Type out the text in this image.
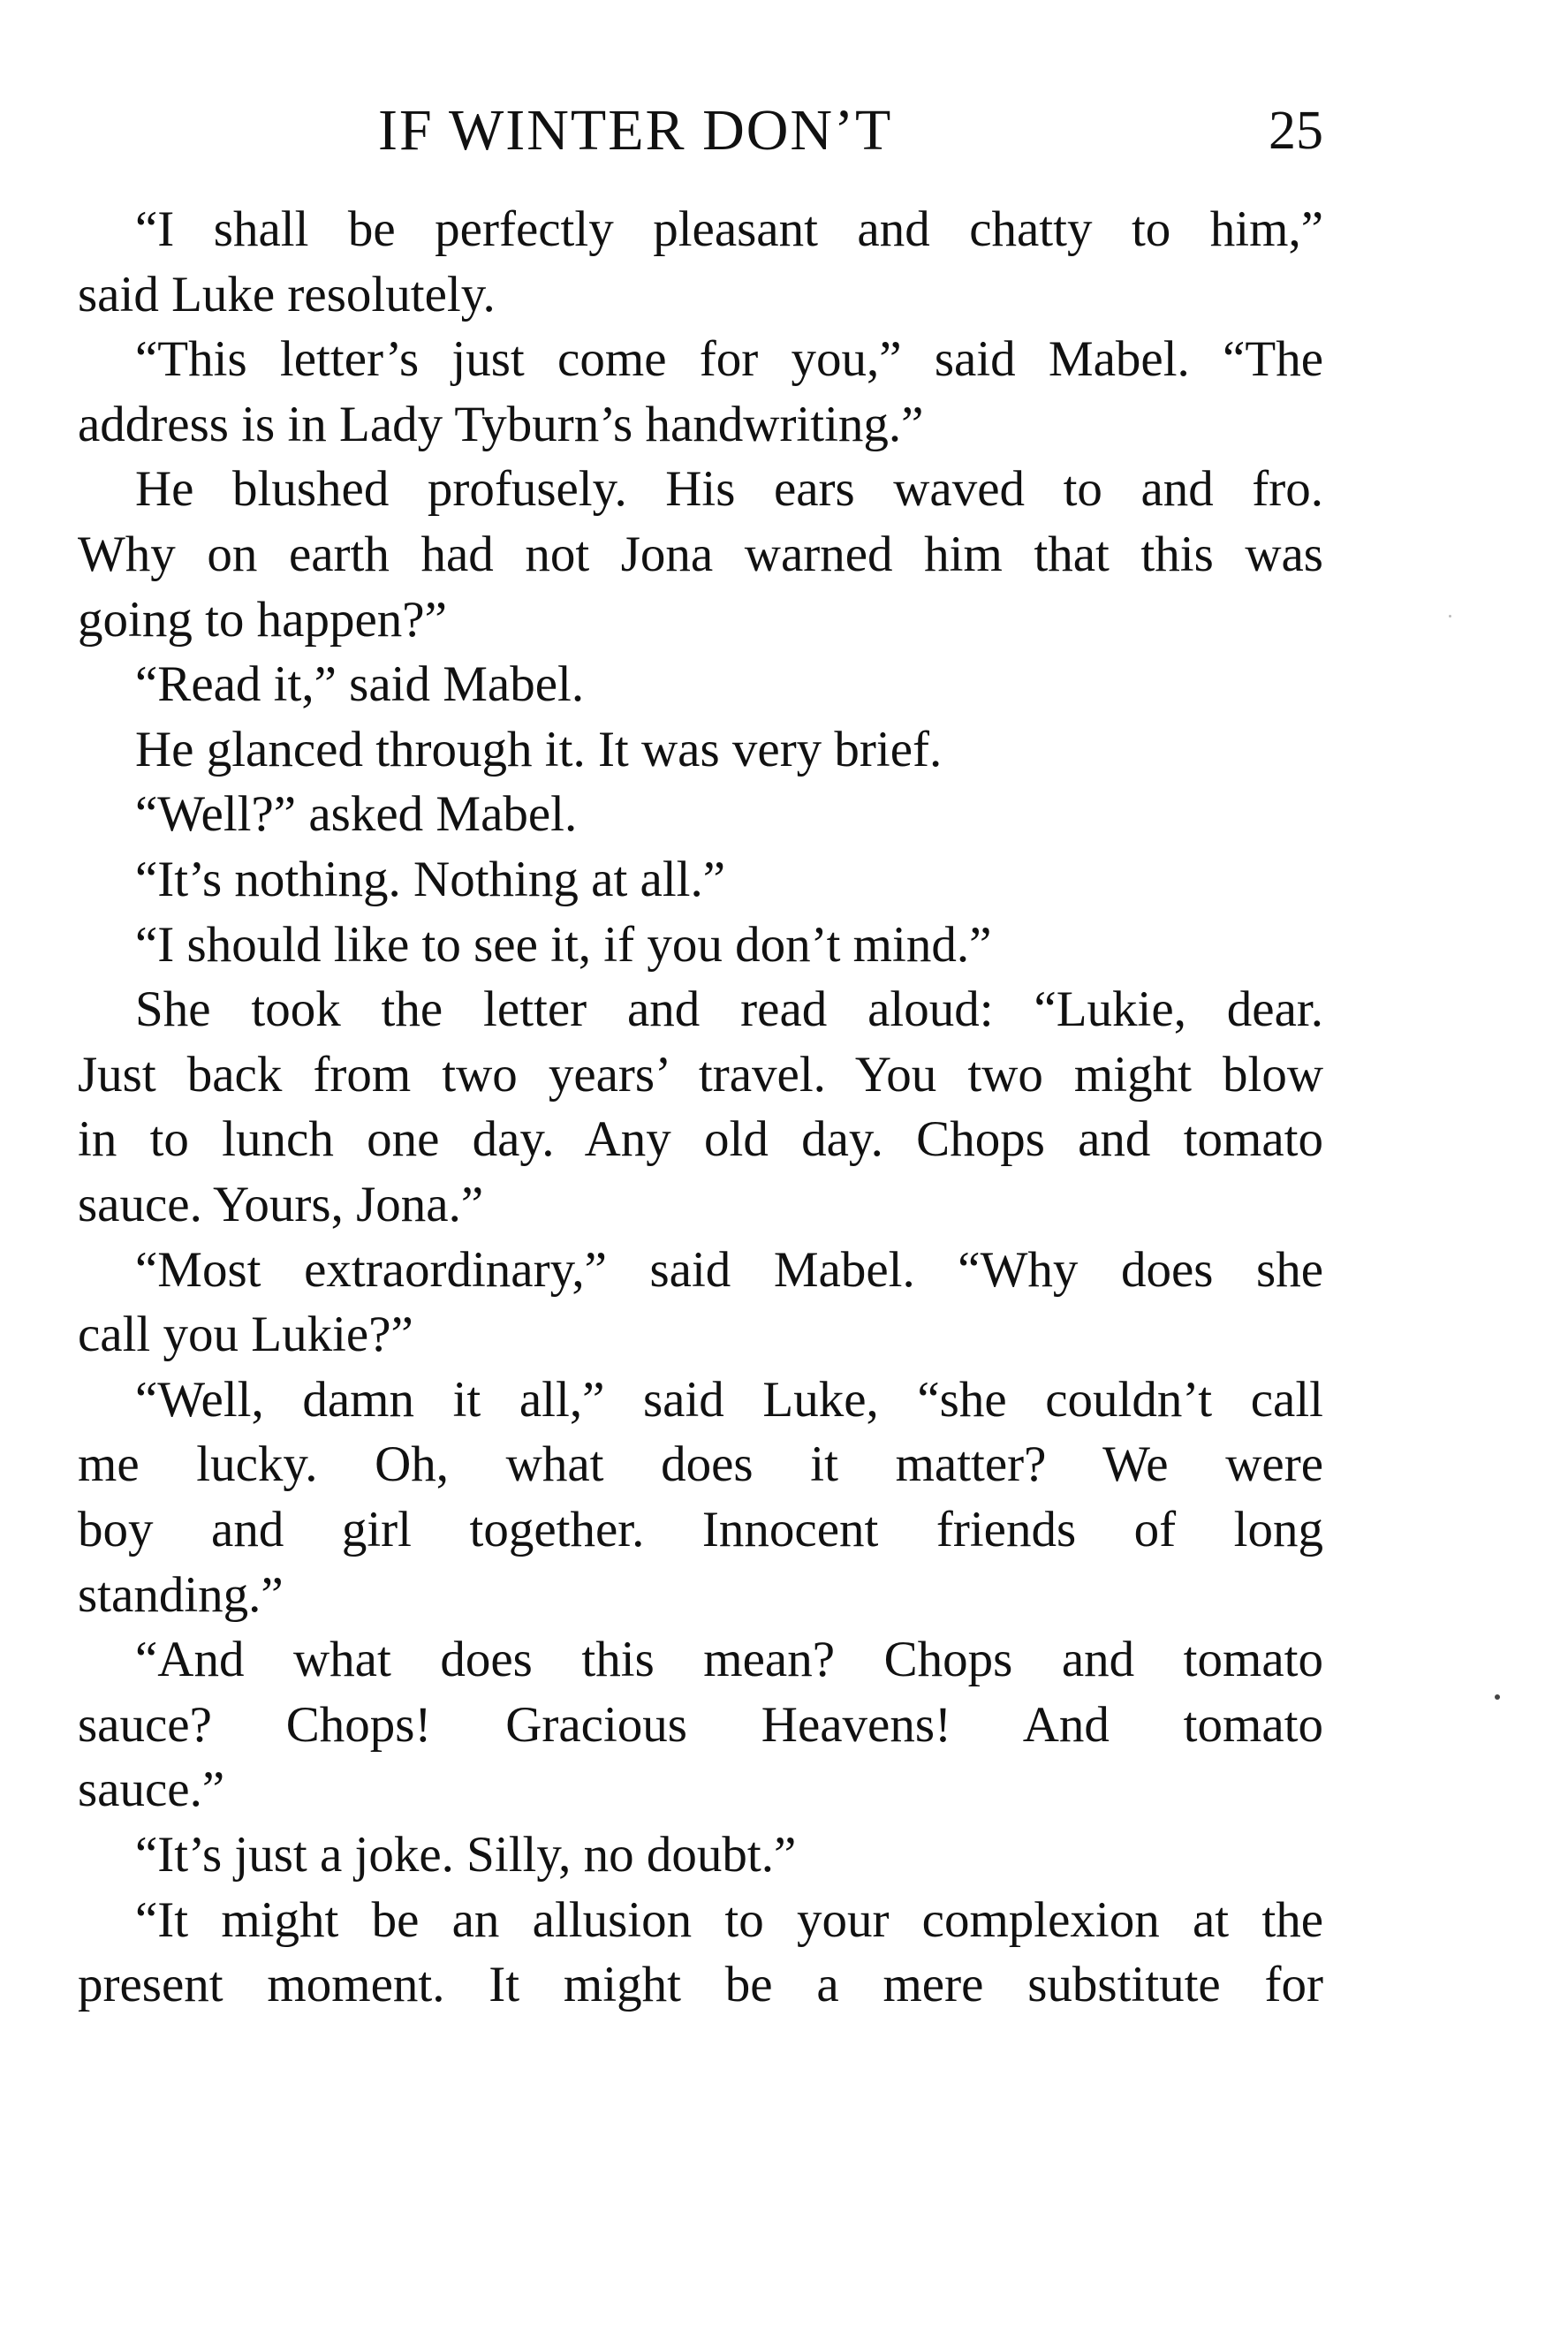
IF WINTER DON’T	25
“I shall be perfectly pleasant and chatty to him,”
said Luke resolutely.
“This letter’s just come for you,” said Mabel. “The
address is in Lady Tyburn’s handwriting.”
He blushed profusely. His ears waved to and fro.
Why on earth had not Jona warned him that this was
going to happen?”
“Read it,” said Mabel.
He glanced through it. It was very brief.
“Well?” asked Mabel.
“It’s nothing. Nothing at all.”
“I should like to see it, if you don’t mind.”
She took the letter and read aloud: “Lukie, dear.
Just back from two years’ travel. You two might blow
in to lunch one day. Any old day. Chops and tomato
sauce. Yours, Jona.”
“Most extraordinary,” said Mabel. “Why does she
call you Lukie?”
“Well, damn it all,” said Luke, “she couldn’t call
me lucky. Oh, what does it matter? We were
boy and girl together. Innocent friends of long
standing.”
“And what does this mean? Chops and tomato
sauce? Chops! Gracious Heavens! And tomato
sauce.”
“It’s just a joke. Silly, no doubt.”
“It might be an allusion to your complexion at the
present moment. It might be a mere substitute for
